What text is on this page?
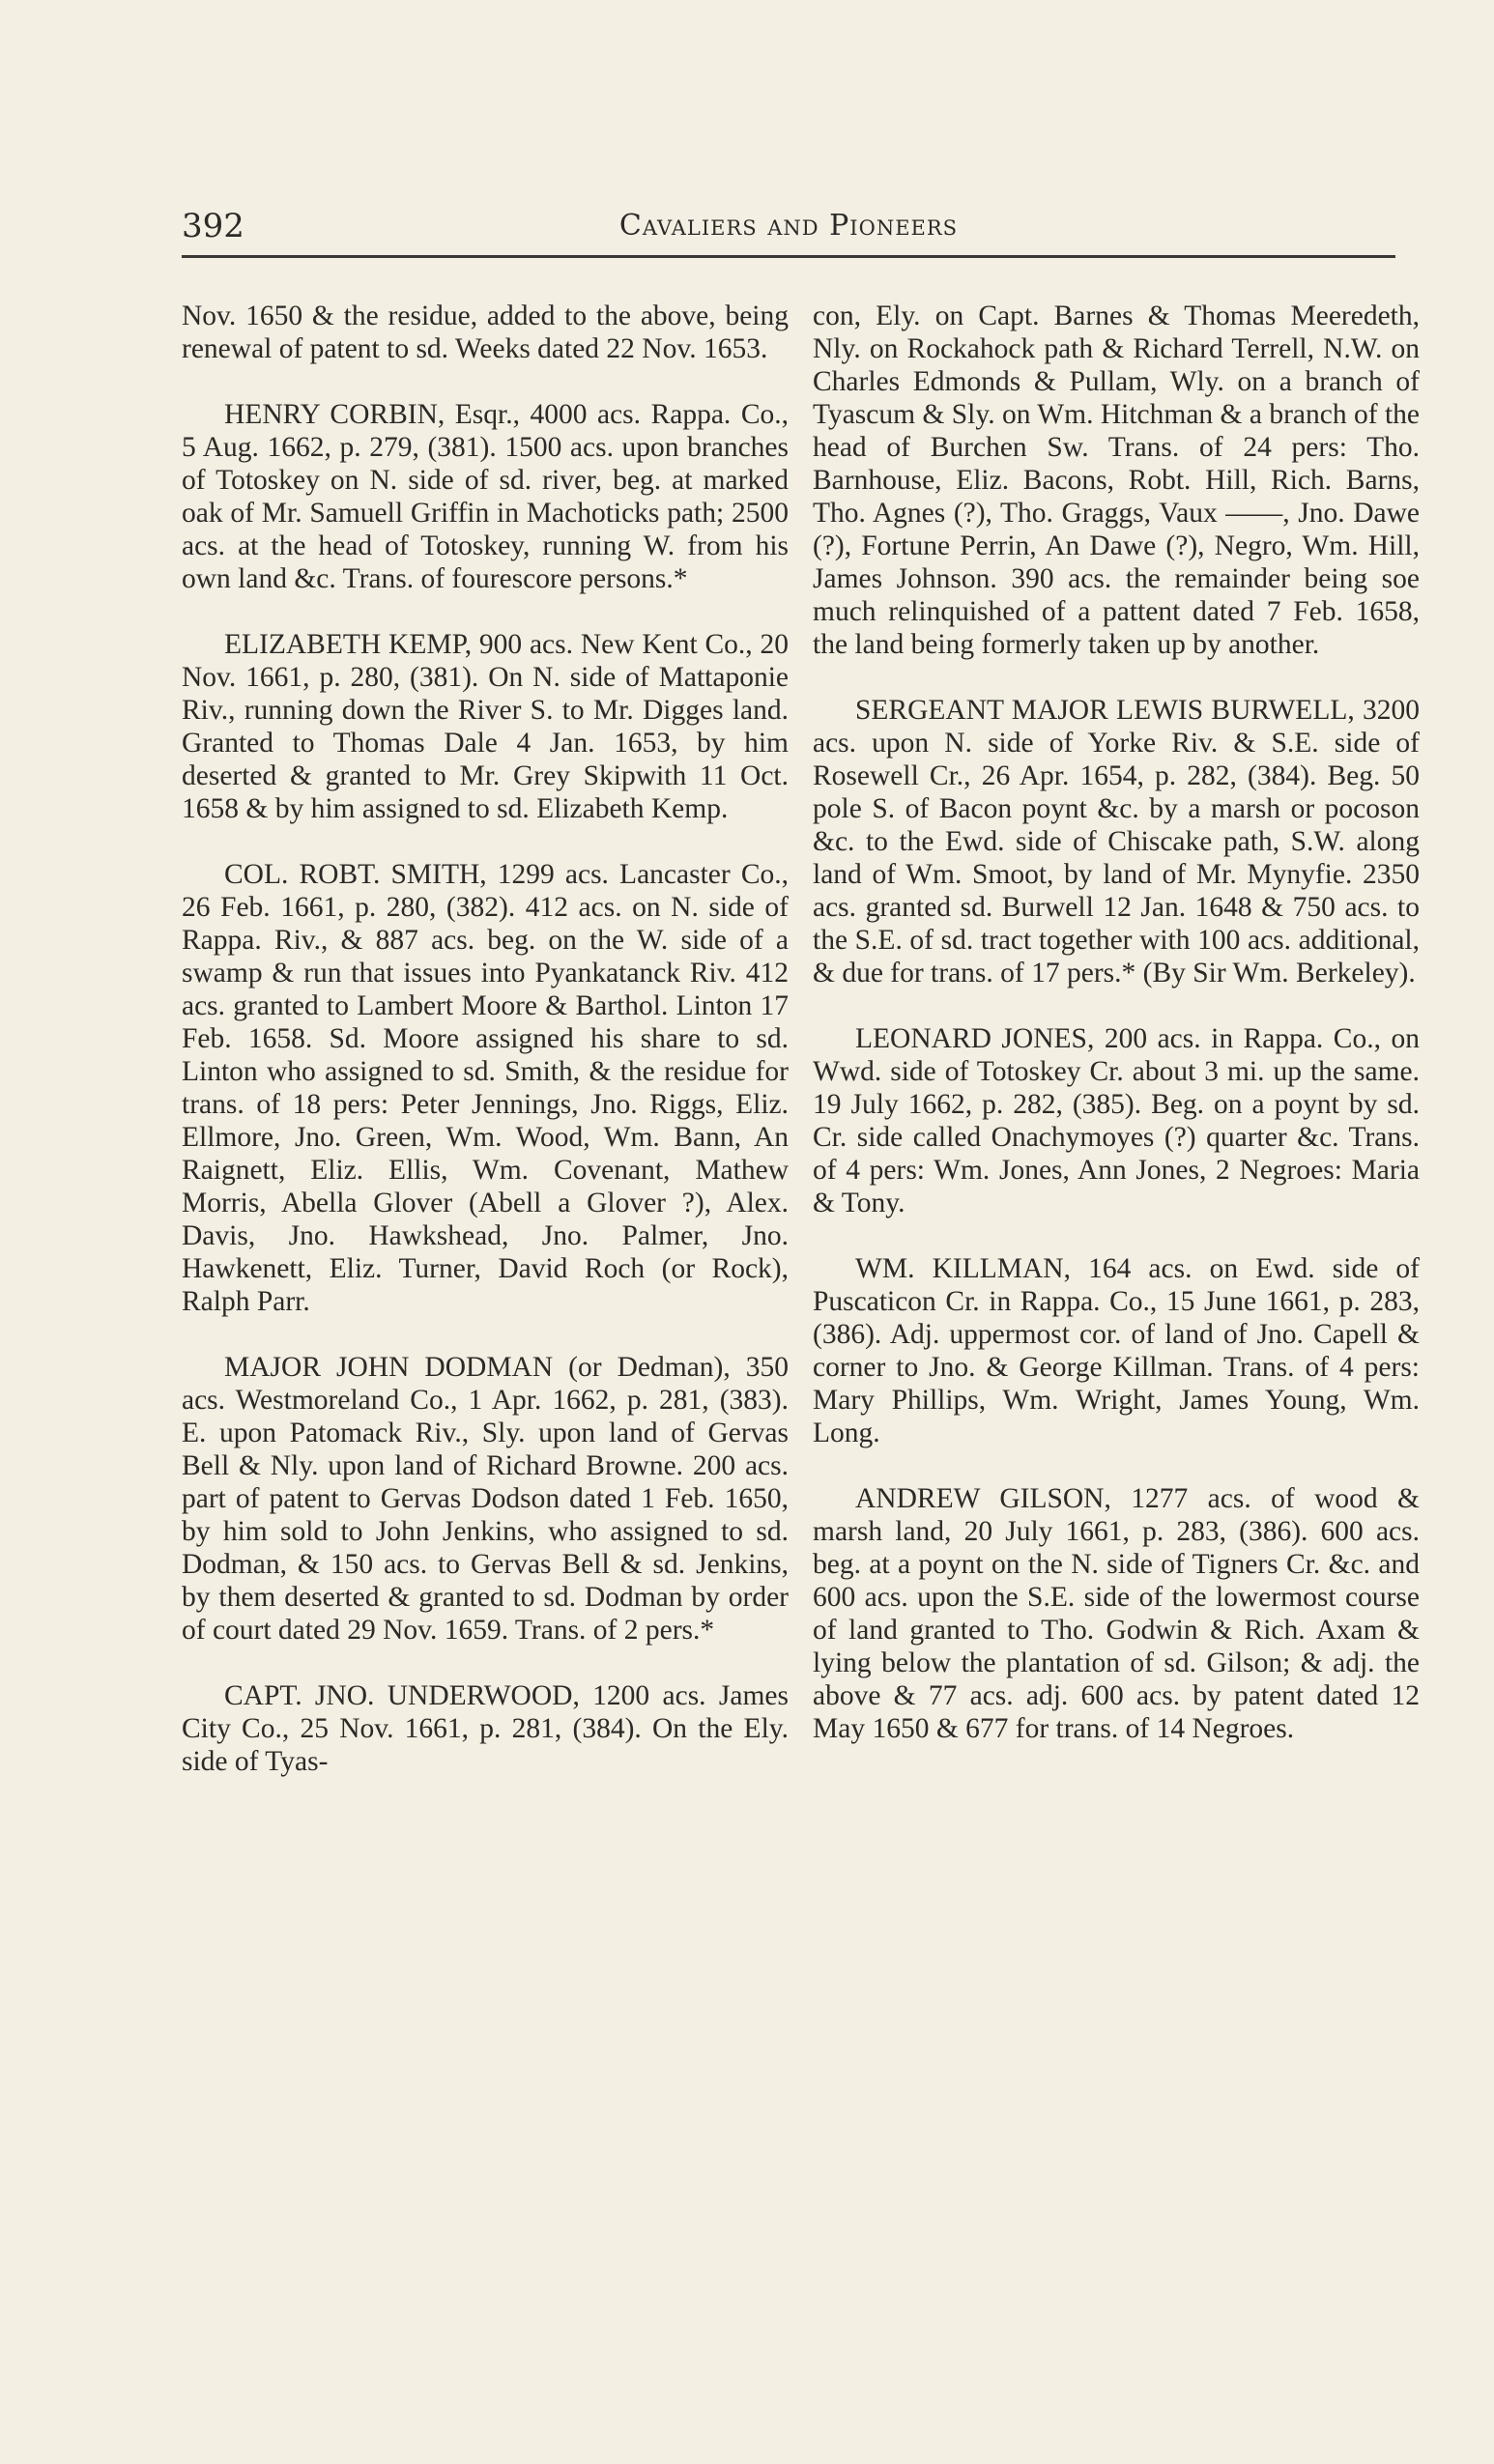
392	Cavaliers and Pioneers

Nov. 1650 & the residue, added to the above, being renewal of patent to sd. Weeks dated 22 Nov. 1653.

HENRY CORBIN, Esqr., 4000 acs. Rappa. Co., 5 Aug. 1662, p. 279, (381). 1500 acs. upon branches of Totoskey on N. side of sd. river, beg. at marked oak of Mr. Samuell Griffin in Machoticks path; 2500 acs. at the head of Totoskey, running W. from his own land &c. Trans. of fourescore persons.*

ELIZABETH KEMP, 900 acs. New Kent Co., 20 Nov. 1661, p. 280, (381). On N. side of Mattaponie Riv., running down the River S. to Mr. Digges land. Granted to Thomas Dale 4 Jan. 1653, by him deserted & granted to Mr. Grey Skipwith 11 Oct. 1658 & by him assigned to sd. Elizabeth Kemp.

COL. ROBT. SMITH, 1299 acs. Lancaster Co., 26 Feb. 1661, p. 280, (382). 412 acs. on N. side of Rappa. Riv., & 887 acs. beg. on the W. side of a swamp & run that issues into Pyankatanck Riv. 412 acs. granted to Lambert Moore & Barthol. Linton 17 Feb. 1658. Sd. Moore assigned his share to sd. Linton who assigned to sd. Smith, & the residue for trans. of 18 pers: Peter Jennings, Jno. Riggs, Eliz. Ellmore, Jno. Green, Wm. Wood, Wm. Bann, An Raignett, Eliz. Ellis, Wm. Covenant, Mathew Morris, Abella Glover (Abell a Glover ?), Alex. Davis, Jno. Hawkshead, Jno. Palmer, Jno. Hawkenett, Eliz. Turner, David Roch (or Rock), Ralph Parr.

MAJOR JOHN DODMAN (or Dedman), 350 acs. Westmoreland Co., 1 Apr. 1662, p. 281, (383). E. upon Patomack Riv., Sly. upon land of Gervas Bell & Nly. upon land of Richard Browne. 200 acs. part of patent to Gervas Dodson dated 1 Feb. 1650, by him sold to John Jenkins, who assigned to sd. Dodman, & 150 acs. to Gervas Bell & sd. Jenkins, by them deserted & granted to sd. Dodman by order of court dated 29 Nov. 1659. Trans. of 2 pers.*

CAPT. JNO. UNDERWOOD, 1200 acs. James City Co., 25 Nov. 1661, p. 281, (384). On the Ely. side of Tyas-

con, Ely. on Capt. Barnes & Thomas Meeredeth, Nly. on Rockahock path & Richard Terrell, N.W. on Charles Edmonds & Pullam, Wly. on a branch of Tyascum & Sly. on Wm. Hitchman & a branch of the head of Burchen Sw. Trans. of 24 pers: Tho. Barnhouse, Eliz. Bacons, Robt. Hill, Rich. Barns, Tho. Agnes (?), Tho. Graggs, Vaux ——, Jno. Dawe (?), Fortune Perrin, An Dawe (?), Negro, Wm. Hill, James Johnson. 390 acs. the remainder being soe much relinquished of a pattent dated 7 Feb. 1658, the land being formerly taken up by another.

SERGEANT MAJOR LEWIS BURWELL, 3200 acs. upon N. side of Yorke Riv. & S.E. side of Rosewell Cr., 26 Apr. 1654, p. 282, (384). Beg. 50 pole S. of Bacon poynt &c. by a marsh or pocoson &c. to the Ewd. side of Chiscake path, S.W. along land of Wm. Smoot, by land of Mr. Mynyfie. 2350 acs. granted sd. Burwell 12 Jan. 1648 & 750 acs. to the S.E. of sd. tract together with 100 acs. additional, & due for trans. of 17 pers.* (By Sir Wm. Berkeley).

LEONARD JONES, 200 acs. in Rappa. Co., on Wwd. side of Totoskey Cr. about 3 mi. up the same. 19 July 1662, p. 282, (385). Beg. on a poynt by sd. Cr. side called Onachymoyes (?) quarter &c. Trans. of 4 pers: Wm. Jones, Ann Jones, 2 Negroes: Maria & Tony.

WM. KILLMAN, 164 acs. on Ewd. side of Puscaticon Cr. in Rappa. Co., 15 June 1661, p. 283, (386). Adj. uppermost cor. of land of Jno. Capell & corner to Jno. & George Killman. Trans. of 4 pers: Mary Phillips, Wm. Wright, James Young, Wm. Long.

ANDREW GILSON, 1277 acs. of wood & marsh land, 20 July 1661, p. 283, (386). 600 acs. beg. at a poynt on the N. side of Tigners Cr. &c. and 600 acs. upon the S.E. side of the lowermost course of land granted to Tho. Godwin & Rich. Axam & lying below the plantation of sd. Gilson; & adj. the above & 77 acs. adj. 600 acs. by patent dated 12 May 1650 & 677 for trans. of 14 Negroes.
